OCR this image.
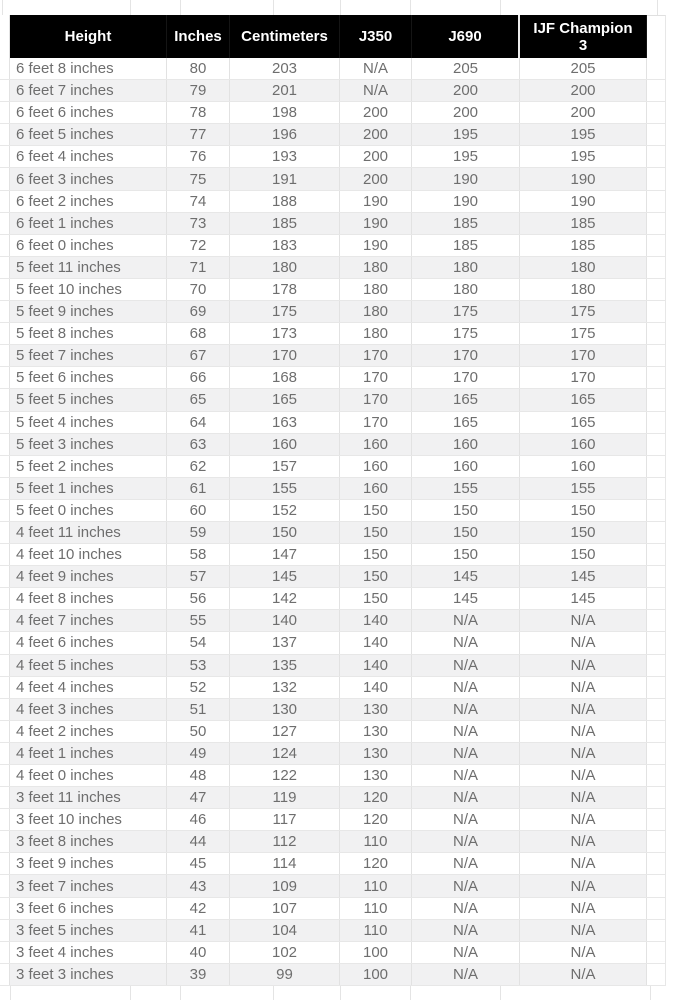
Height	Inches	Centimeters	J350	J690	IJF Champion 3
6 feet 8 inches	80	203	N/A	205	205
6 feet 7 inches	79	201	N/A	200	200
6 feet 6 inches	78	198	200	200	200
6 feet 5 inches	77	196	200	195	195
6 feet 4 inches	76	193	200	195	195
6 feet 3 inches	75	191	200	190	190
6 feet 2 inches	74	188	190	190	190
6 feet 1 inches	73	185	190	185	185
6 feet 0 inches	72	183	190	185	185
5 feet 11 inches	71	180	180	180	180
5 feet 10 inches	70	178	180	180	180
5 feet 9 inches	69	175	180	175	175
5 feet 8 inches	68	173	180	175	175
5 feet 7 inches	67	170	170	170	170
5 feet 6 inches	66	168	170	170	170
5 feet 5 inches	65	165	170	165	165
5 feet 4 inches	64	163	170	165	165
5 feet 3 inches	63	160	160	160	160
5 feet 2 inches	62	157	160	160	160
5 feet 1 inches	61	155	160	155	155
5 feet 0 inches	60	152	150	150	150
4 feet 11 inches	59	150	150	150	150
4 feet 10 inches	58	147	150	150	150
4 feet 9 inches	57	145	150	145	145
4 feet 8 inches	56	142	150	145	145
4 feet 7 inches	55	140	140	N/A	N/A
4 feet 6 inches	54	137	140	N/A	N/A
4 feet 5 inches	53	135	140	N/A	N/A
4 feet 4 inches	52	132	140	N/A	N/A
4 feet 3 inches	51	130	130	N/A	N/A
4 feet 2 inches	50	127	130	N/A	N/A
4 feet 1 inches	49	124	130	N/A	N/A
4 feet 0 inches	48	122	130	N/A	N/A
3 feet 11 inches	47	119	120	N/A	N/A
3 feet 10 inches	46	117	120	N/A	N/A
3 feet 8 inches	44	112	110	N/A	N/A
3 feet 9 inches	45	114	120	N/A	N/A
3 feet 7 inches	43	109	110	N/A	N/A
3 feet 6 inches	42	107	110	N/A	N/A
3 feet 5 inches	41	104	110	N/A	N/A
3 feet 4 inches	40	102	100	N/A	N/A
3 feet 3 inches	39	99	100	N/A	N/A
